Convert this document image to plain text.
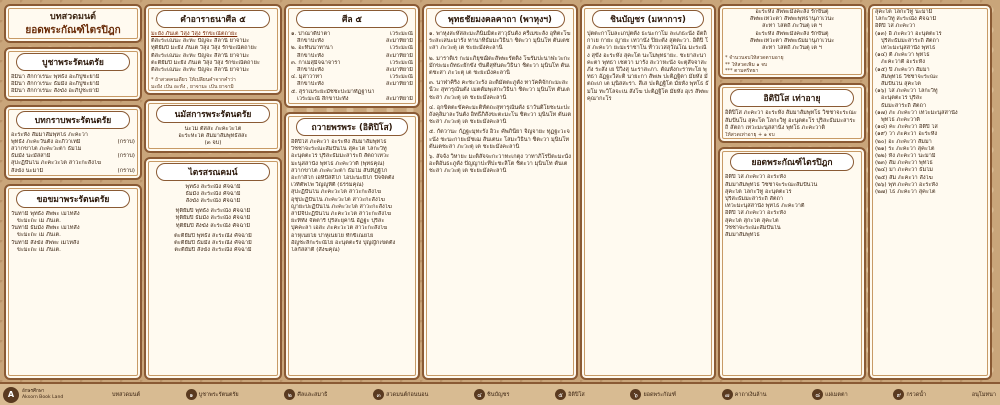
บทสวดมนต์
ยอดพระกัณฑ์ไตรปิฎก
บูชาพระรัตนตรัย
อิมินา สักกาเรนะ พุทธัง อะภิปูชะยามิ
อิมินา สักกาเรนะ ธัมมัง อะภิปูชะยามิ
อิมินา สักกาเรนะ สังฆัง อะภิปูชะยามิ
บทกราบพระรัตนตรัย
อะระหัง สัมมาสัมพุทโธ ภะคะวา
พุทธัง ภะคะวันตัง อะภิวาเทมิ	(กราบ)
สวากขาโต ภะคะวะตา ธัมโม
ธัมมัง นะมัสสามิ	(กราบ)
สุปะฏิปันโน ภะคะวะโต สาวะกะสังโฆ
สังฆัง นะมามิ	(กราบ)
ขอขมาพระรัตนตรัย
วันทามิ พุทธัง สัพพะ เมโทสัง
ขะมะถะ เม ภันเต.
วันทามิ ธัมมัง สัพพะ เมโทสัง
ขะมะถะ เม ภันเต.
วันทามิ สังฆัง สัพพะ เมโทสัง
ขะมะถะ เม ภันเต.
คำอาราธนาศีล ๕
มะยัง ภันเต วิสุง วิสุง รักขะณัตถายะ
ติสะระเณนะ สะหะ ปัญจะ สีลานิ ยาจามะ
ทุติยัมปิ มะยัง ภันเต วิสุง วิสุง รักขะณัตถายะ
ติสะระเณนะ สะหะ ปัญจะ สีลานิ ยาจามะ
ตะติยัมปิ มะยัง ภันเต วิสุง วิสุง รักขะณัตถายะ
ติสะระเณนะ สะหะ ปัญจะ สีลานิ ยาจามะ
* ถ้าสวดคนเดียว ให้เปลี่ยนคำจากคำว่า
มะยัง เป็น อะหัง , ยาจามะ เป็น ยาจามิ
นมัสการพระรัตนตรัย
นะโม ตัสสะ ภะคะวะโต
อะระหะโต สัมมาสัมพุทธัสสะ
(๓ จบ)
ไตรสรณคมน์
พุทธัง สะระณัง คัจฉามิ
ธัมมัง สะระณัง คัจฉามิ
สังฆัง สะระณัง คัจฉามิ
ทุติยัมปิ พุทธัง สะระณัง คัจฉามิ
ทุติยัมปิ ธัมมัง สะระณัง คัจฉามิ
ทุติยัมปิ สังฆัง สะระณัง คัจฉามิ
ตะติยัมปิ พุทธัง สะระณัง คัจฉามิ
ตะติยัมปิ ธัมมัง สะระณัง คัจฉามิ
ตะติยัมปิ สังฆัง สะระณัง คัจฉามิ
ศีล ๕
๑. ปาณาติปาตา	เวระมะณี
สิกขาปะทัง	สะมาทิยามิ
๒. อะทินนาทานา	เวระมะณี
สิกขาปะทัง	สะมาทิยามิ
๓. กาเมสุมิจฉาจารา	เวระมะณี
สิกขาปะทัง	สะมาทิยามิ
๔. มุสาวาทา	เวระมะณี
สิกขาปะทัง	สะมาทิยามิ
๕. สุราเมระยะมัชชะปะมาทัฏฐานา
เวระมะณี สิกขาปะทัง	สะมาทิยามิ
ถวายพรพระ (อิติปิโส)
อิติปิโส ภะคะวา อะระหัง สัมมาสัมพุทโธ
วิชชาจะระณะสัมปันโน สุคะโต โลกะวิทู
อะนุตตะโร ปุริสะธัมมะสาระถิ สัตถาเทวะ
มะนุสสานัง พุทโธ ภะคะวาติ (พุทธคุณ)
สวากขาโต ภะคะวะตา ธัมโม สันทิฏฐิโก
อะกาลิโก เอหิปัสสิโก โอปะนะยิโก ปัจจัตตัง
เวทิตัพโพ วิญญูหีติ (ธรรมคุณ)
สุปะฏิปันโน ภะคะวะโต สาวะกะสังโฆ
อุชุปะฏิปันโน ภะคะวะโต สาวะกะสังโฆ
ญายะปะฏิปันโน ภะคะวะโต สาวะกะสังโฆ
สามีจิปะฏิปันโน ภะคะวะโต สาวะกะสังโฆ
ยะทิทัง จัตตาริ ปุริสะยุคานิ อัฏฐะ ปุริสะ
ปุคคะลา เอสะ ภะคะวะโต สาวะกะสังโฆ
อาหุเนยโย ปาหุเนยโย ทักขิเณยโย
อัญชะลีกะระณีโย อะนุตตะรัง ปุญญักเขตตัง
โลกัสสาติ (สังฆคุณ)
พุทธชัยมงคลคาถา (พาหุงฯ)
๑. พาหุงสะหัสสะมะภินิมมิตะสาวุธันตัง ครีเมขะลัง อุทิตะโฆระสะเสนะมารัง ทานาทิธัมมะวิธินา ชิตะวา มุนินโท ตันเตชะสา ภะวะตุ เต ชะยะมังคะลานิ
๒. มาราติเร กะมะภิยุชฌิตะสัพพะรัตติง โฆรัมปะนาฬะวะกะมักขะมะถัทธะยักขัง ขันตีสุทันตะวิธินา ชิตะวา มุนินโท ตันเตชะสา ภะวะตุ เต ชะยะมังคะลานิ
๓. นาฬาคิริง คะชะวะรัง อะติมัตตะภูตัง ทาวัคคิจักกะมะสะนีวะ สุทารุณันตัง เมตตัมพุเสกะวิธินา ชิตะวา มุนินโท ตันเตชะสา ภะวะตุ เต ชะยะมังคะลานิ
๔. อุกขิตตะขัคคะมะติหัตถะสุทารุณันตัง ธาวันติโยชะนะปะถังคุลิมาละวันตัง อิทธีภิสังขะตะมะโน ชิตะวา มุนินโท ตันเตชะสา ภะวะตุ เต ชะยะมังคะลานิ
๕. กัตวานะ กัฏฐะมุทะรัง อิวะ คัพภินียา จิญจายะ ทุฏฐะวะจะนัง ชะนะกายะมัชเฌ สันเตนะ โสมะวิธินา ชิตะวา มุนินโท ตันเตชะสา ภะวะตุ เต ชะยะมังคะลานิ
๖. สัจจัง วิหายะ มะติสัจจะกะวาทะเกตุง วาทาภิโรปิตะมะนัง อะติอันธะภูตัง ปัญญาปะทีปะชะลิโต ชิตะวา มุนินโท ตันเตชะสา ภะวะตุ เต ชะยะมังคะลานิ
ชินบัญชร (มหาการ)
ปุตตะกาโมละเภปุตตัง ธะนะกาโม ละเภธะนัง อัตถิ กาเย กายะ ญายะ เทวานัง ปิยะตัง สุตตะวา. อิติปิ โส ภะคะวา ยะมะราชาโน ท้าวเวสสุวัณโณ มะระณัง สุขัง อะระหัง สุคะโต นะโมพุทธายะ. ชะยาสะนาคะตา พุทธา เชตวา มารัง สะวาหะนัง จะตุสัจจาสะภัง ระสัง เย ปิวิงสุ นะราสะภา. ตัณหังกะราทะโย พุทธา อัฏฐะวีสะติ นายะกา สัพเพ ปะติฏฐิตา มัยหัง มัตถะเก เต มุนิสสะรา. สีเส ปะติฏฐิโต มัยหัง พุทโธ ธัมโม ทะวิโลจะเน สังโฆ ปะติฏฐิโต มัยหัง อุเร สัพพะคุณากะโร
อะระหัง สัพพะมังคะลัง รักขันตุ
สัพพะเทวะตา สัพพะพุทธานุภาเวนะ
สะทา โสตถี ภะวันตุ เต ฯ
อะระหัง สัพพะมังคะลัง รักขันตุ
สัพพะเทวะตา สัพพะธัมมานุภาเวนะ
สะทา โสตถี ภะวันตุ เต ฯ
* จำนวนจบให้สวดตามอายุ
** ให้สวดเพิ่ม ๑ จบ
*** ตามศรัทธา
อิติปิโส เท่าอายุ
อิติปิโส ภะคะวา อะระหัง สัมมาสัมพุทโธ วิชชาจะระณะสัมปันโน สุคะโต โลกะวิทู อะนุตตะโร ปุริสะธัมมะสาระถิ สัตถา เทวะมะนุสสานัง พุทโธ ภะคะวาติ
ให้สวดเท่าอายุ + ๑ จบ
ยอดพระกัณฑ์ไตรปิฎก
อิติปิ โส ภะคะวา อะระหัง
สัมมาสัมพุทโธ วิชชาจะระณะสัมปันโน
สุคะโต โลกะวิทู อะนุตตะโร
ปุริสะธัมมะสาระถิ สัตถา
เทวะมะนุสสานัง พุทโธ ภะคะวาติ
อิติปิ โส ภะคะวา อะระหัง
สุคะโต สุกะโต สุคะโต
วิชชาจะระณะสัมปันโน
สัมมาสัมพุทโธ
สุคะโต โลกะวิทู นะมามิ
โลกะวิทู สะระณัง คัจฉามิ
อิติปิ โส ภะคะวา
(๑๓) อิ ภะคะวา อะนุตตะโร
ปุริสะธัมมะสาระถิ สัตถา
เทวะมะนุสสานัง พุทโธ
(๑๔) ติ ภะคะวา พุทโธ
ภะคะวาติ อะระหัง
(๑๕) ปิ ภะคะวา สัมมา
สัมพุทโธ วิชชาจะระณะ
สัมปันโน สุคะโต
(๑๖) โส ภะคะวา โลกะวิทู
อะนุตตะโร ปุริสะ
ธัมมะสาระถิ สัตถา
(๑๗) ภะ ภะคะวา เทวะมะนุสสานัง
พุทโธ ภะคะวาติ
(๑๘) คะ ภะคะวา อิติปิ โส
(๑๙) วา ภะคะวา อะระหัง
(๒๐) อะ ภะคะวา สัมมา
(๒๑) ระ ภะคะวา สุคะโต
(๒๒) หัง ภะคะวา นะมามิ
(๒๓) สัม ภะคะวา พุทโธ
(๒๔) มา ภะคะวา ธัมโม
(๒๕) สัม ภะคะวา สังโฆ
(๒๖) พุท ภะคะวา อะระหัง
(๒๗) โธ ภะคะวา สุคะโต
A	อักษรศึกษา
Aksorn Book Land	บทสวดมนต์	๑	บูชาพระรัตนตรัย	๒	ศีลและสมาธิ	๓ สวดมนต์ก่อนนอน	๔ ชินบัญชร	๕ อิติปิโส	๖	ยอดพระกัณฑ์	๗ คาถาเงินล้าน	๘ แผ่เมตตา	๙ กรวดน้ำ	อนุโมทนา
